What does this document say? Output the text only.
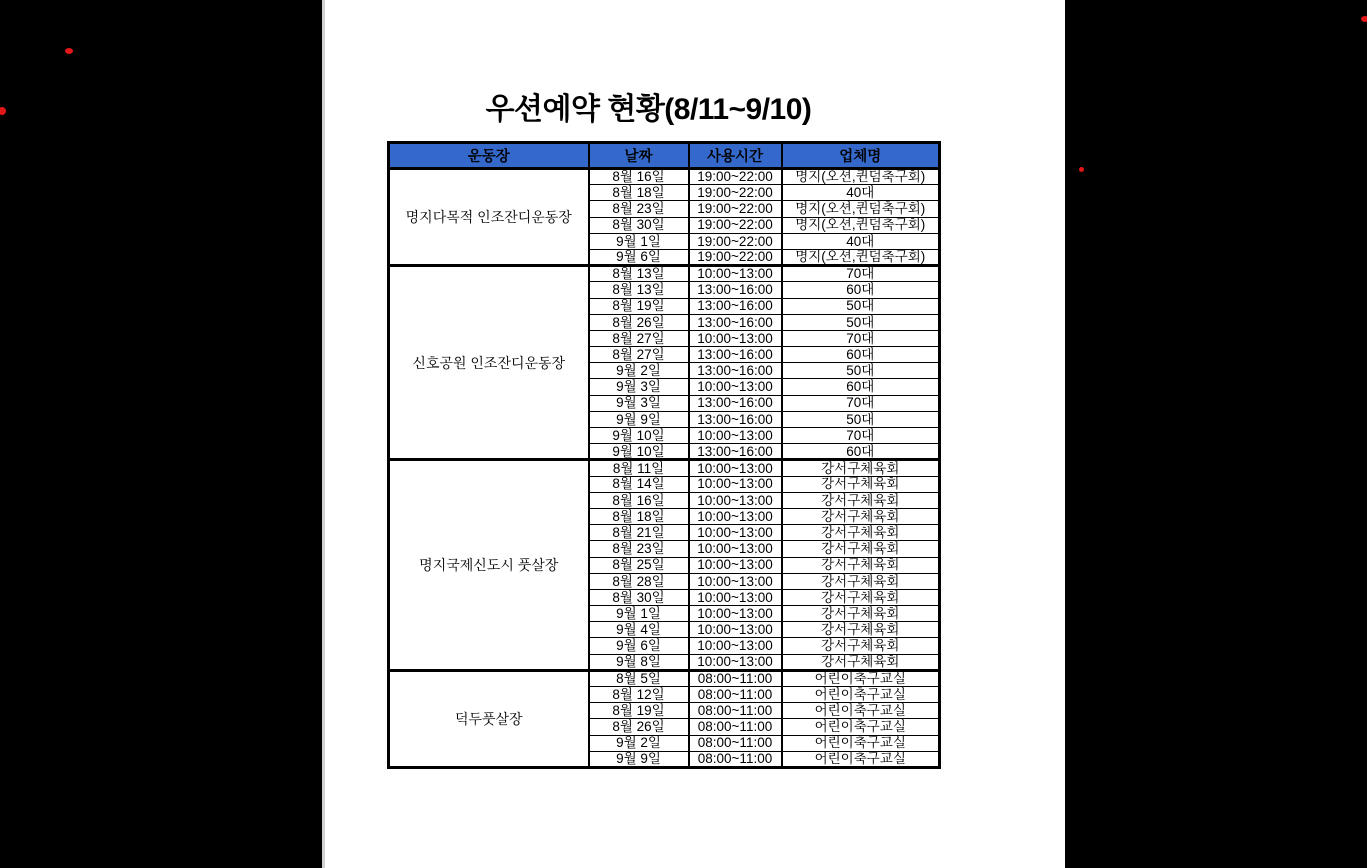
우션예약 현황(8/11~9/10)
운동장	날짜	사용시간	업체명
명지다목적 인조잔디운동장	8월 16일	19:00~22:00	명지(오션,퀸덤축구회)
	8월 18일	19:00~22:00	40대
	8월 23일	19:00~22:00	명지(오션,퀸덤축구회)
	8월 30일	19:00~22:00	명지(오션,퀸덤축구회)
	9월 1일	19:00~22:00	40대
	9월 6일	19:00~22:00	명지(오션,퀸덤축구회)
신호공원 인조잔디운동장	8월 13일	10:00~13:00	70대
	8월 13일	13:00~16:00	60대
	8월 19일	13:00~16:00	50대
	8월 26일	13:00~16:00	50대
	8월 27일	10:00~13:00	70대
	8월 27일	13:00~16:00	60대
	9월 2일	13:00~16:00	50대
	9월 3일	10:00~13:00	60대
	9월 3일	13:00~16:00	70대
	9월 9일	13:00~16:00	50대
	9월 10일	10:00~13:00	70대
	9월 10일	13:00~16:00	60대
명지국제신도시 풋살장	8월 11일	10:00~13:00	강서구체육회
	8월 14일	10:00~13:00	강서구체육회
	8월 16일	10:00~13:00	강서구체육회
	8월 18일	10:00~13:00	강서구체육회
	8월 21일	10:00~13:00	강서구체육회
	8월 23일	10:00~13:00	강서구체육회
	8월 25일	10:00~13:00	강서구체육회
	8월 28일	10:00~13:00	강서구체육회
	8월 30일	10:00~13:00	강서구체육회
	9월 1일	10:00~13:00	강서구체육회
	9월 4일	10:00~13:00	강서구체육회
	9월 6일	10:00~13:00	강서구체육회
	9월 8일	10:00~13:00	강서구체육회
덕두풋살장	8월 5일	08:00~11:00	어린이축구교실
	8월 12일	08:00~11:00	어린이축구교실
	8월 19일	08:00~11:00	어린이축구교실
	8월 26일	08:00~11:00	어린이축구교실
	9월 2일	08:00~11:00	어린이축구교실
	9월 9일	08:00~11:00	어린이축구교실
